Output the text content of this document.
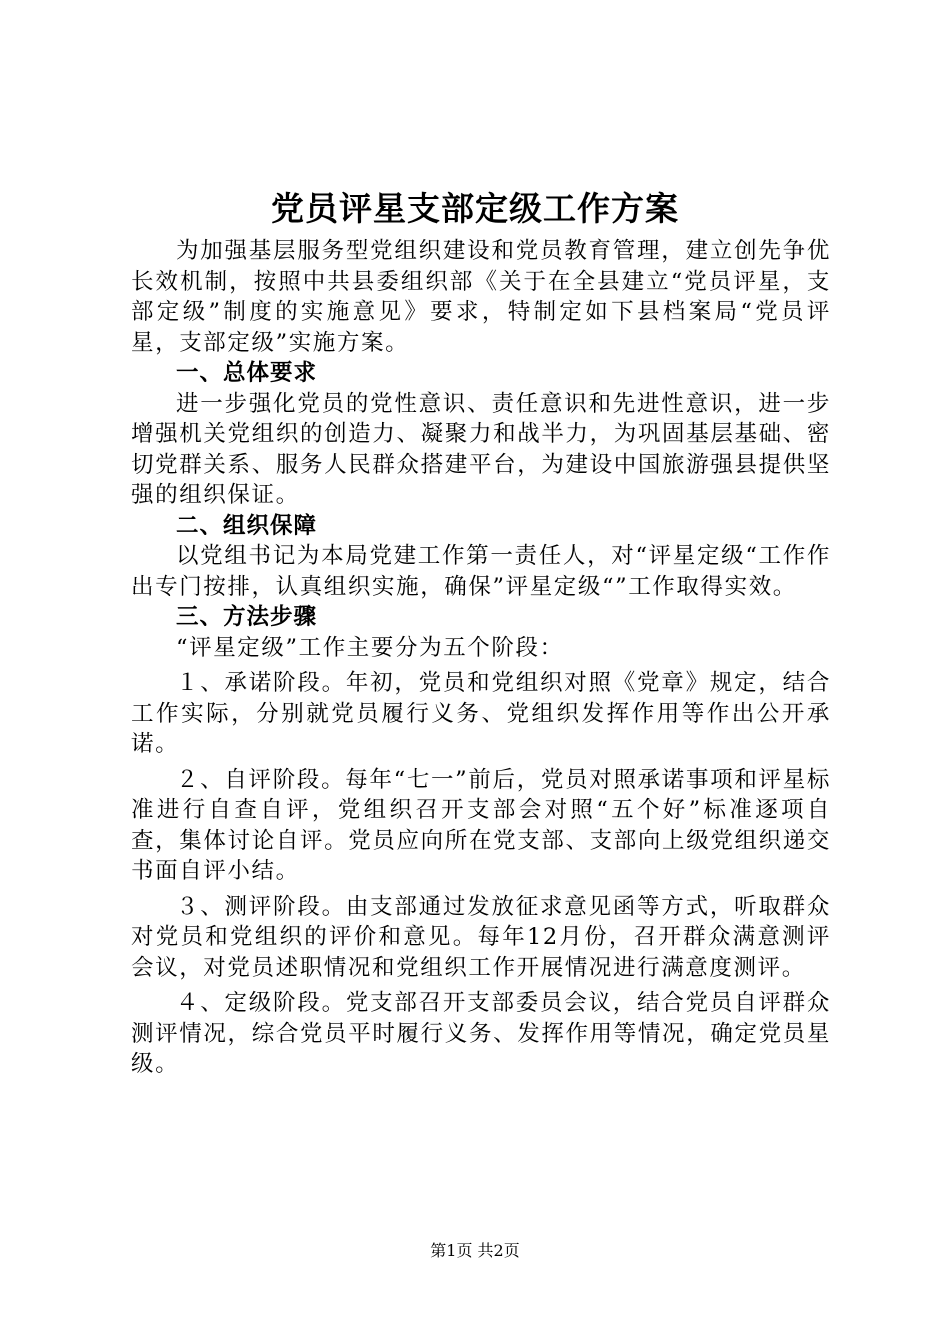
党员评星支部定级工作方案

为加强基层服务型党组织建设和党员教育管理，建立创先争优长效机制，按照中共县委组织部《关于在全县建立“党员评星，支部定级”制度的实施意见》要求，特制定如下县档案局“党员评星，支部定级”实施方案。

一、总体要求

进一步强化党员的党性意识、责任意识和先进性意识，进一步增强机关党组织的创造力、凝聚力和战半力，为巩固基层基础、密切党群关系、服务人民群众搭建平台，为建设中国旅游强县提供坚强的组织保证。

二、组织保障

以党组书记为本局党建工作第一责任人，对“评星定级“工作作出专门按排，认真组织实施，确保”评星定级“”工作取得实效。

三、方法步骤

“评星定级”工作主要分为五个阶段：

１、承诺阶段。年初，党员和党组织对照《党章》规定，结合工作实际，分别就党员履行义务、党组织发挥作用等作出公开承诺。

２、自评阶段。每年“七一”前后，党员对照承诺事项和评星标准进行自查自评，党组织召开支部会对照“五个好”标准逐项自查，集体讨论自评。党员应向所在党支部、支部向上级党组织递交书面自评小结。

３、测评阶段。由支部通过发放征求意见函等方式，听取群众对党员和党组织的评价和意见。每年12月份，召开群众满意测评会议，对党员述职情况和党组织工作开展情况进行满意度测评。

４、定级阶段。党支部召开支部委员会议，结合党员自评群众测评情况，综合党员平时履行义务、发挥作用等情况，确定党员星级。

第1页 共2页
